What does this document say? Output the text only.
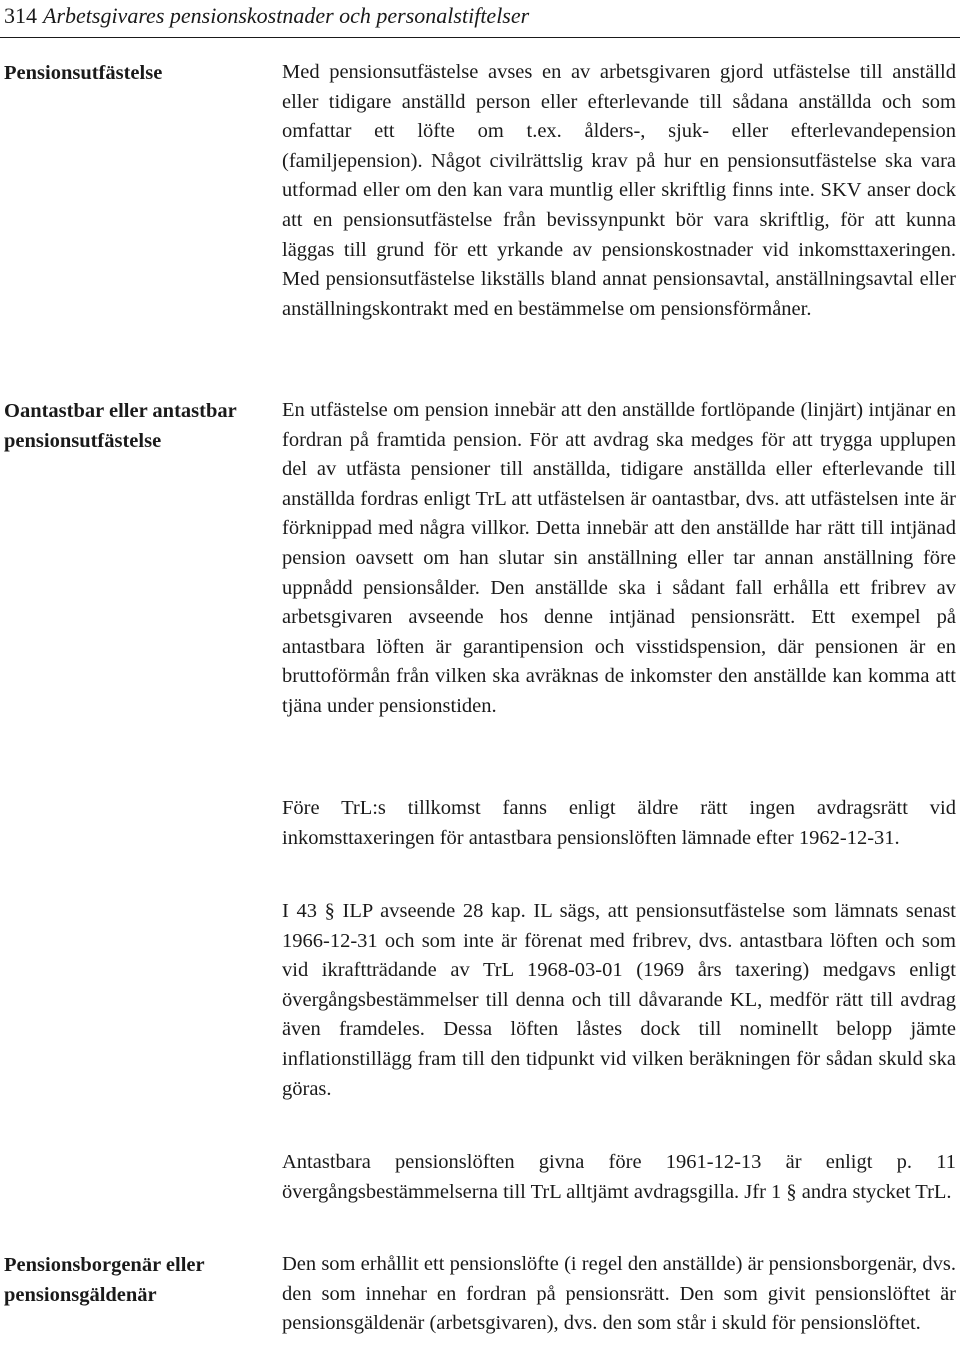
314 Arbetsgivares pensionskostnader och personalstiftelser
Pensionsutfästelse
Oantastbar eller antastbar pensionsutfästelse
Pensionsborgenär eller pensionsgäldenär
Med pensionsutfästelse avses en av arbetsgivaren gjord utfästelse till anställd eller tidigare anställd person eller efterlevande till sådana anställda och som omfattar ett löfte om t.ex. ålders-, sjuk- eller efterlevandepension (familjepension). Något civilrättslig krav på hur en pensionsutfästelse ska vara utformad eller om den kan vara muntlig eller skriftlig finns inte. SKV anser dock att en pensionsutfästelse från bevissynpunkt bör vara skriftlig, för att kunna läggas till grund för ett yrkande av pensionskostnader vid inkomsttaxeringen. Med pensionsutfästelse likställs bland annat pensionsavtal, anställningsavtal eller anställningskontrakt med en bestämmelse om pensionsförmåner.
En utfästelse om pension innebär att den anställde fortlöpande (linjärt) intjänar en fordran på framtida pension. För att avdrag ska medges för att trygga upplupen del av utfästa pensioner till anställda, tidigare anställda eller efterlevande till anställda fordras enligt TrL att utfästelsen är oantastbar, dvs. att utfästelsen inte är förknippad med några villkor. Detta innebär att den anställde har rätt till intjänad pension oavsett om han slutar sin anställning eller tar annan anställning före uppnådd pensionsålder. Den anställde ska i sådant fall erhålla ett fribrev av arbetsgivaren avseende hos denne intjänad pensionsrätt. Ett exempel på antastbara löften är garantipension och visstidspension, där pensionen är en bruttoförmån från vilken ska avräknas de inkomster den anställde kan komma att tjäna under pensionstiden.
Före TrL:s tillkomst fanns enligt äldre rätt ingen avdragsrätt vid inkomsttaxeringen för antastbara pensionslöften lämnade efter 1962-12-31.
I 43 § ILP avseende 28 kap. IL sägs, att pensionsutfästelse som lämnats senast 1966-12-31 och som inte är förenat med fribrev, dvs. antastbara löften och som vid ikraftträdande av TrL 1968-03-01 (1969 års taxering) medgavs enligt övergångsbestämmelser till denna och till dåvarande KL, medför rätt till avdrag även framdeles. Dessa löften låstes dock till nominellt belopp jämte inflationstillägg fram till den tidpunkt vid vilken beräkningen för sådan skuld ska göras.
Antastbara pensionslöften givna före 1961-12-13 är enligt p. 11 övergångsbestämmelserna till TrL alltjämt avdragsgilla. Jfr 1 § andra stycket TrL.
Den som erhållit ett pensionslöfte (i regel den anställde) är pensionsborgenär, dvs. den som innehar en fordran på pensionsrätt. Den som givit pensionslöftet är pensionsgäldenär (arbetsgivaren), dvs. den som står i skuld för pensionslöftet.
